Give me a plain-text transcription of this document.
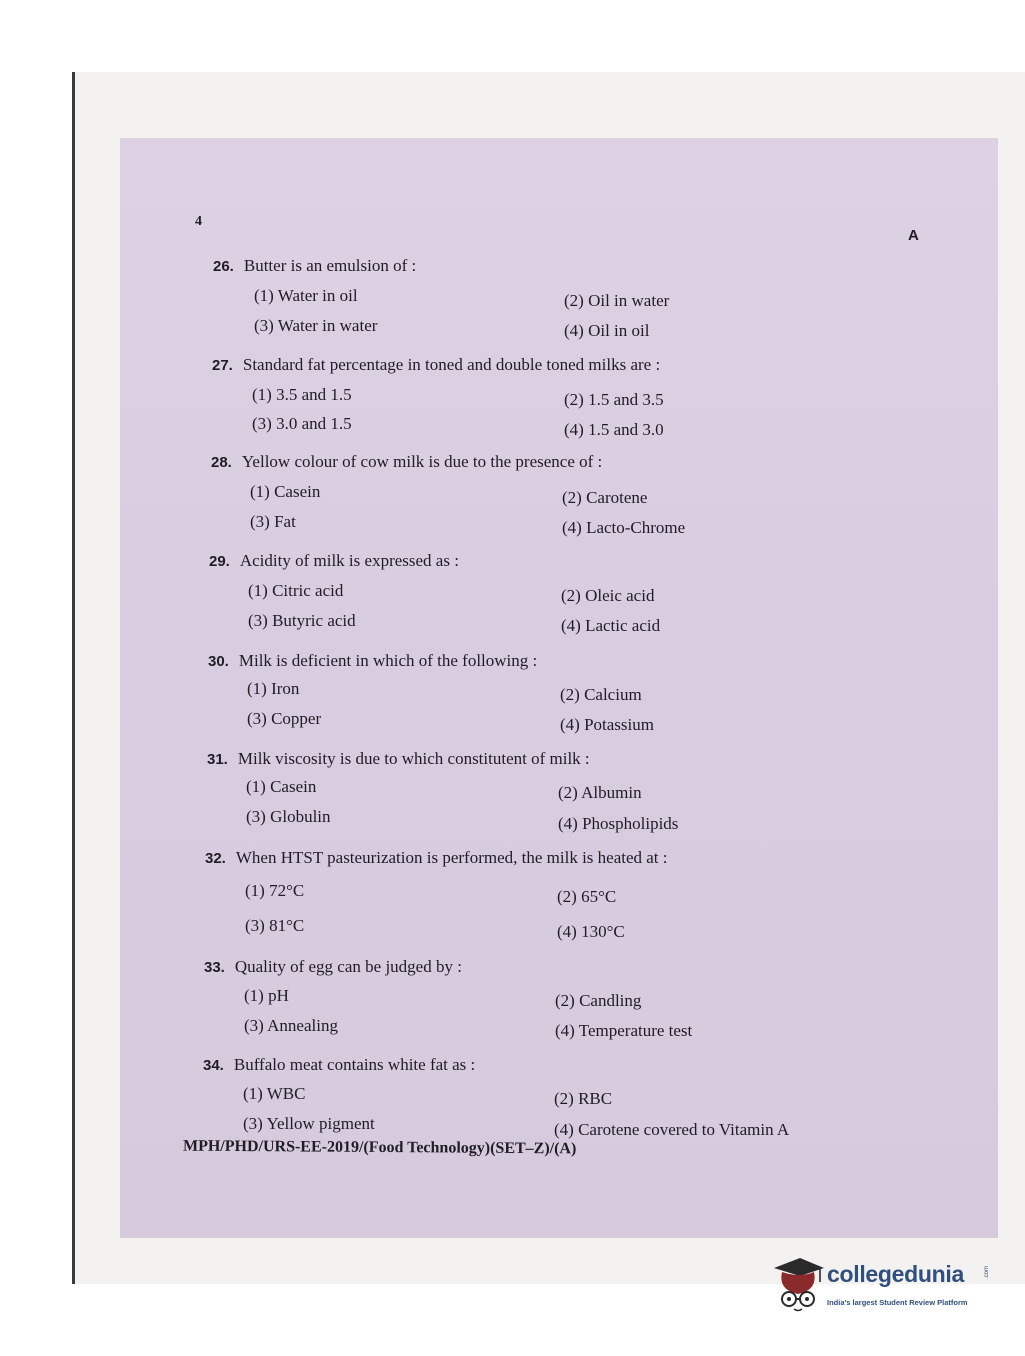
4
A
26. Butter is an emulsion of :
(1) Water in oil	(2) Oil in water
(3) Water in water	(4) Oil in oil
27. Standard fat percentage in toned and double toned milks are :
(1) 3.5 and 1.5	(2) 1.5 and 3.5
(3) 3.0 and 1.5	(4) 1.5 and 3.0
28. Yellow colour of cow milk is due to the presence of :
(1) Casein	(2) Carotene
(3) Fat	(4) Lacto-Chrome
29. Acidity of milk is expressed as :
(1) Citric acid	(2) Oleic acid
(3) Butyric acid	(4) Lactic acid
30. Milk is deficient in which of the following :
(1) Iron	(2) Calcium
(3) Copper	(4) Potassium
31. Milk viscosity is due to which constitutent of milk :
(1) Casein	(2) Albumin
(3) Globulin	(4) Phospholipids
32. When HTST pasteurization is performed, the milk is heated at :
(1) 72°C	(2) 65°C
(3) 81°C	(4) 130°C
33. Quality of egg can be judged by :
(1) pH	(2) Candling
(3) Annealing	(4) Temperature test
34. Buffalo meat contains white fat as :
(1) WBC	(2) RBC
(3) Yellow pigment	(4) Carotene covered to Vitamin A
MPH/PHD/URS-EE-2019/(Food Technology)(SET–Z)/(A)
collegedunia	.com
India's largest Student Review Platform
